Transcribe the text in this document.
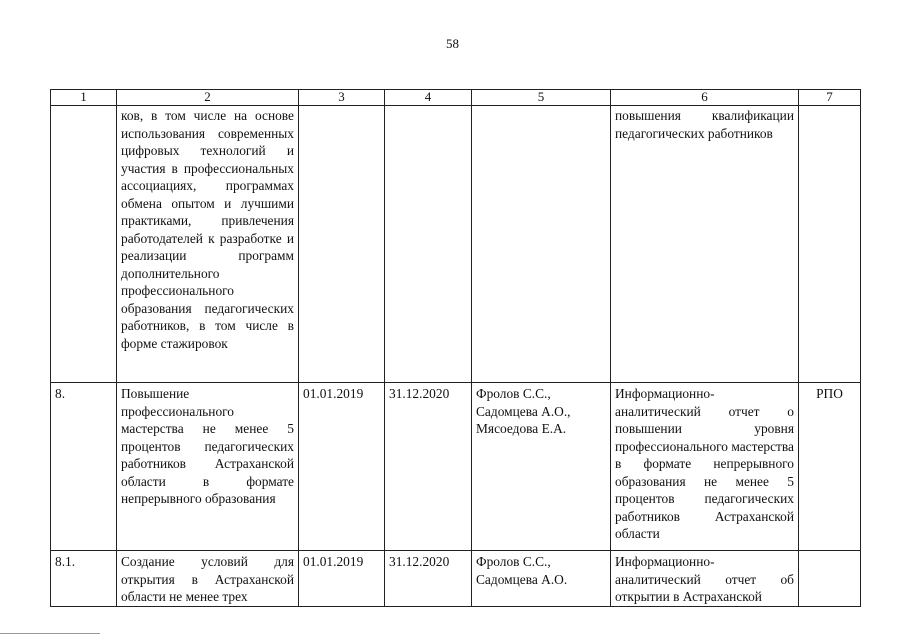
58
1	2	3	4	5	6	7
	ков, в том числе на основе использования современных цифровых технологий и участия в профессиональных ассоциациях, программах обмена опытом и лучшими практиками, привлечения работодателей к разработке и реализации программ дополнительного профессионального образования педагогических работников, в том числе в форме стажировок				повышения квалификации педагогических работников	
8.	Повышение профессионального мастерства не менее 5 процентов педагогических работников Астраханской области в формате непрерывного образования	01.01.2019	31.12.2020	Фролов С.С., Садомцева А.О., Мясоедова Е.А.	Информационно-аналитический отчет о повышении уровня профессионального мастерства в формате непрерывного образования не менее 5 процентов педагогических работников Астраханской области	РПО
8.1.	Создание условий для открытия в Астраханской области не менее трех	01.01.2019	31.12.2020	Фролов С.С., Садомцева А.О.	Информационно-аналитический отчет об открытии в Астраханской	
